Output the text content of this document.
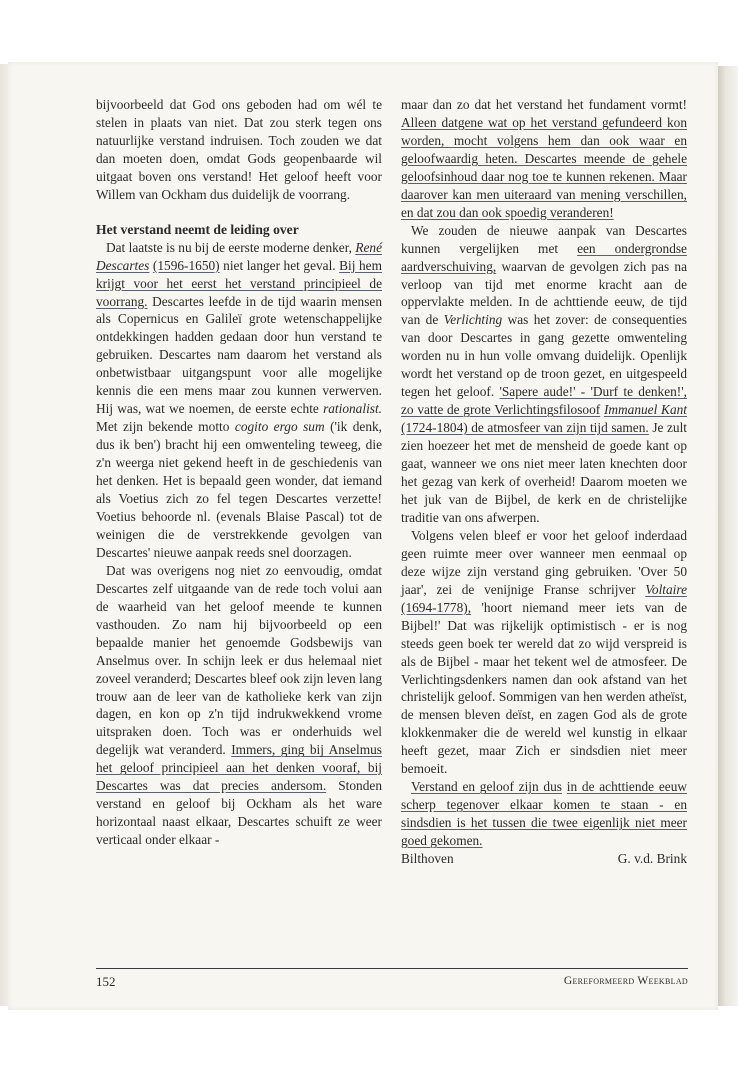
bijvoorbeeld dat God ons geboden had om wél te stelen in plaats van niet. Dat zou sterk tegen ons natuurlijke verstand indruisen. Toch zouden we dat dan moeten doen, omdat Gods geopenbaarde wil uitgaat boven ons verstand! Het geloof heeft voor Willem van Ockham dus duidelijk de voorrang.

Het verstand neemt de leiding over

Dat laatste is nu bij de eerste moderne denker, René Descartes (1596-1650) niet langer het geval. Bij hem krijgt voor het eerst het verstand principieel de voorrang. Descartes leefde in de tijd waarin mensen als Copernicus en Galileï grote wetenschappelijke ontdekkingen hadden gedaan door hun verstand te gebruiken. Descartes nam daarom het verstand als onbetwistbaar uitgangspunt voor alle mogelijke kennis die een mens maar zou kunnen verwerven. Hij was, wat we noemen, de eerste echte rationalist. Met zijn bekende motto cogito ergo sum ('ik denk, dus ik ben') bracht hij een omwenteling teweeg, die z'n weerga niet gekend heeft in de geschiedenis van het denken. Het is bepaald geen wonder, dat iemand als Voetius zich zo fel tegen Descartes verzette! Voetius behoorde nl. (evenals Blaise Pascal) tot de weinigen die de verstrekkende gevolgen van Descartes' nieuwe aanpak reeds snel doorzagen.

Dat was overigens nog niet zo eenvoudig, omdat Descartes zelf uitgaande van de rede toch volui aan de waarheid van het geloof meende te kunnen vasthouden. Zo nam hij bijvoorbeeld op een bepaalde manier het genoemde Godsbewijs van Anselmus over. In schijn leek er dus helemaal niet zoveel veranderd; Descartes bleef ook zijn leven lang trouw aan de leer van de katholieke kerk van zijn dagen, en kon op z'n tijd indrukwekkend vrome uitspraken doen. Toch was er onderhuids wel degelijk wat veranderd. Immers, ging bij Anselmus het geloof principieel aan het denken vooraf, bij Descartes was dat precies andersom. Stonden verstand en geloof bij Ockham als het ware horizontaal naast elkaar, Descartes schuift ze weer verticaal onder elkaar -

maar dan zo dat het verstand het fundament vormt! Alleen datgene wat op het verstand gefundeerd kon worden, mocht volgens hem dan ook waar en geloofwaardig heten. Descartes meende de gehele geloofsinhoud daar nog toe te kunnen rekenen. Maar daarover kan men uiteraard van mening verschillen, en dat zou dan ook spoedig veranderen!

We zouden de nieuwe aanpak van Descartes kunnen vergelijken met een ondergrondse aardverschuiving, waarvan de gevolgen zich pas na verloop van tijd met enorme kracht aan de oppervlakte melden. In de achttiende eeuw, de tijd van de Verlichting was het zover: de consequenties van door Descartes in gang gezette omwenteling worden nu in hun volle omvang duidelijk. Openlijk wordt het verstand op de troon gezet, en uitgespeeld tegen het geloof. 'Sapere aude!' - 'Durf te denken!', zo vatte de grote Verlichtingsfilosoof Immanuel Kant (1724-1804) de atmosfeer van zijn tijd samen. Je zult zien hoezeer het met de mensheid de goede kant op gaat, wanneer we ons niet meer laten knechten door het gezag van kerk of overheid! Daarom moeten we het juk van de Bijbel, de kerk en de christelijke traditie van ons afwerpen.

Volgens velen bleef er voor het geloof inderdaad geen ruimte meer over wanneer men eenmaal op deze wijze zijn verstand ging gebruiken. 'Over 50 jaar', zei de venijnige Franse schrijver Voltaire (1694-1778), 'hoort niemand meer iets van de Bijbel!' Dat was rijkelijk optimistisch - er is nog steeds geen boek ter wereld dat zo wijd verspreid is als de Bijbel - maar het tekent wel de atmosfeer. De Verlichtingsdenkers namen dan ook afstand van het christelijk geloof. Sommigen van hen werden atheïst, de mensen bleven deïst, en zagen God als de grote klokkenmaker die de wereld wel kunstig in elkaar heeft gezet, maar Zich er sindsdien niet meer bemoeit.

Verstand en geloof zijn dus in de achttiende eeuw scherp tegenover elkaar komen te staan - en sindsdien is het tussen die twee eigenlijk niet meer goed gekomen.

Bilthoven	G. v.d. Brink
152	Gereformeerd Weekblad
